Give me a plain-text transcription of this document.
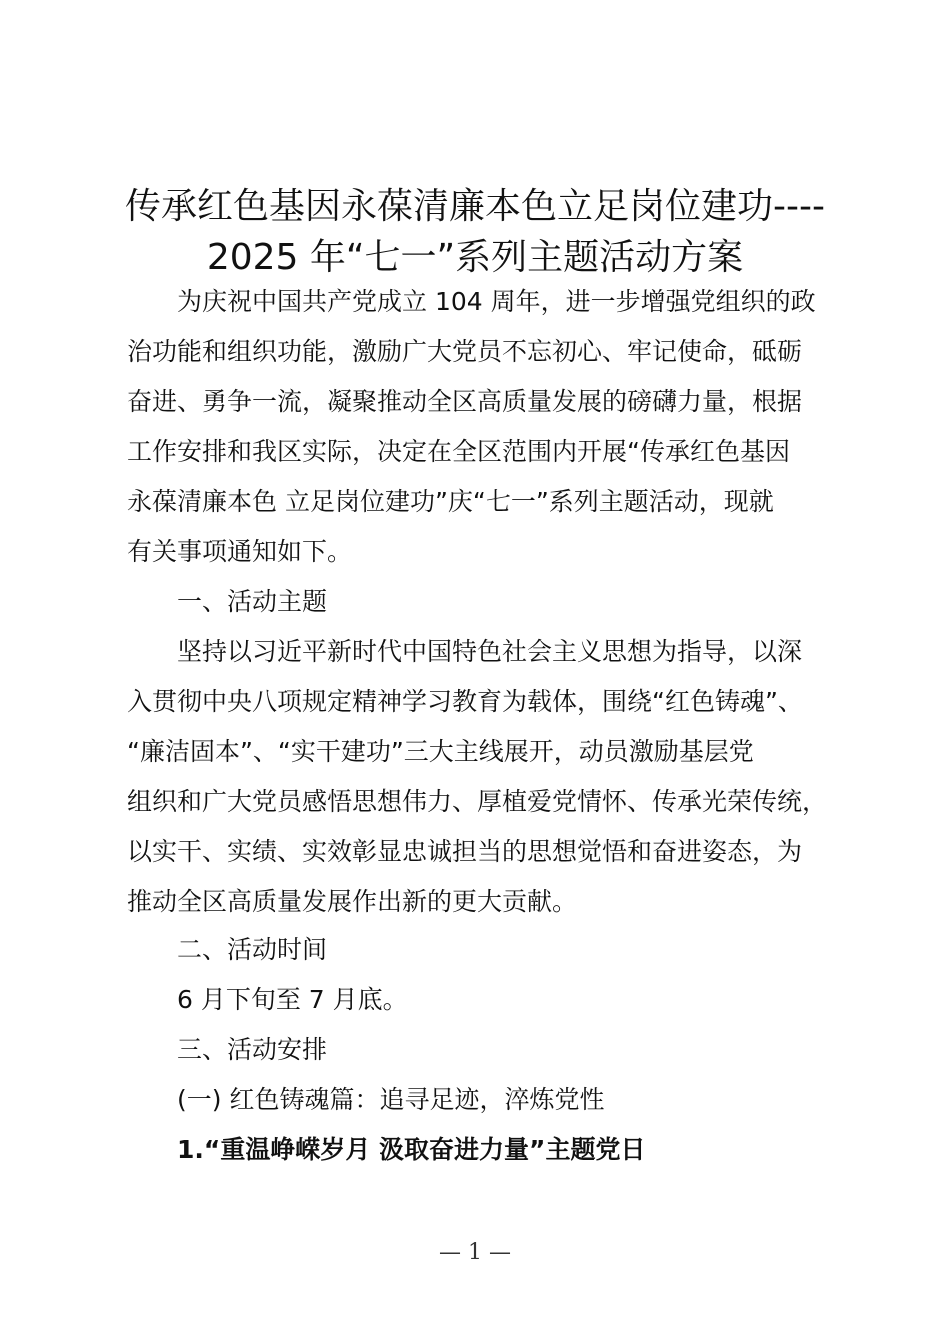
传承红色基因永葆清廉本色立足岗位建功----
2025 年“七一”系列主题活动方案

　　为庆祝中国共产党成立 104 周年，进一步增强党组织的政

治功能和组织功能，激励广大党员不忘初心、牢记使命，砥砺

奋进、勇争一流，凝聚推动全区高质量发展的磅礴力量，根据

工作安排和我区实际，决定在全区范围内开展“传承红色基因

永葆清廉本色 立足岗位建功”庆“七一”系列主题活动，现就

有关事项通知如下。

　　一、活动主题

　　坚持以习近平新时代中国特色社会主义思想为指导，以深

入贯彻中央八项规定精神学习教育为载体，围绕“红色铸魂”、

“廉洁固本”、“实干建功”三大主线展开，动员激励基层党

组织和广大党员感悟思想伟力、厚植爱党情怀、传承光荣传统，

以实干、实绩、实效彰显忠诚担当的思想觉悟和奋进姿态，为

推动全区高质量发展作出新的更大贡献。

　　二、活动时间

　　6 月下旬至 7 月底。

　　三、活动安排

　　(一) 红色铸魂篇：追寻足迹，淬炼党性

　　1.“重温峥嵘岁月 汲取奋进力量”主题党日

— 1 —
